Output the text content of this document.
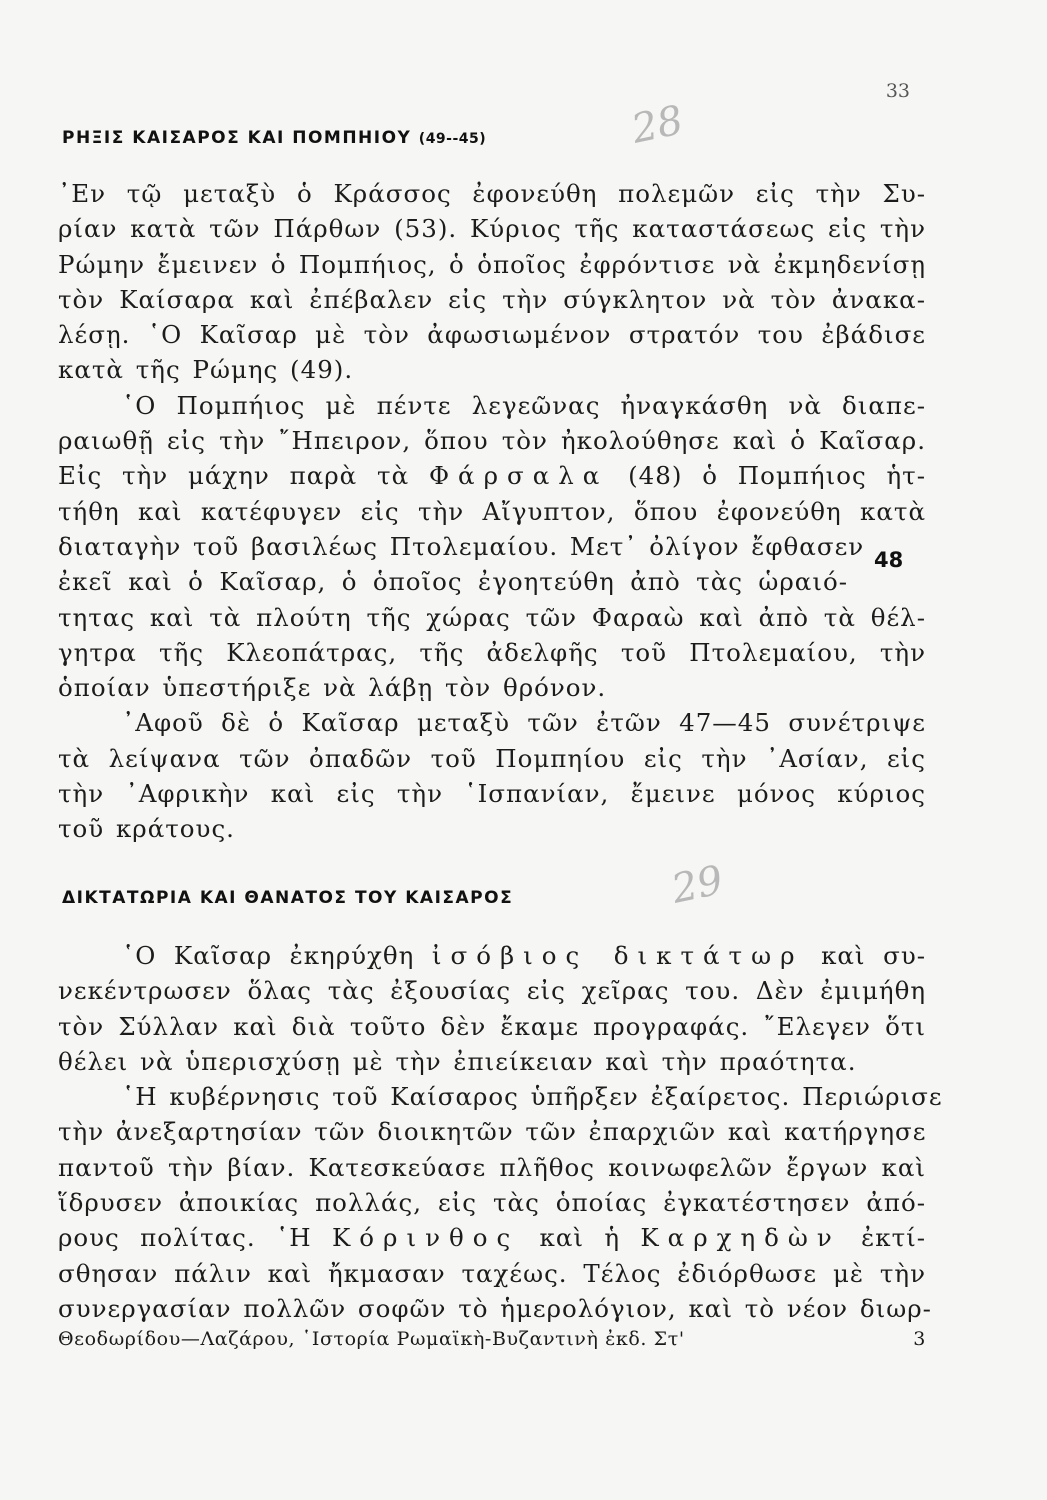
33
ΡΗΞΙΣ ΚΑΙΣΑΡΟΣ ΚΑΙ ΠΟΜΠΗΙΟΥ (49--45)	28
᾿Εν τῷ μεταξὺ ὁ Κράσσος ἐφονεύθη πολεμῶν εἰς τὴν Συ-
ρίαν κατὰ τῶν Πάρθων (53). Κύριος τῆς καταστάσεως εἰς τὴν
Ρώμην ἔμεινεν ὁ Πομπήιος, ὁ ὁποῖος ἐφρόντισε νὰ ἐκμηδενίσῃ
τὸν Καίσαρα καὶ ἐπέβαλεν εἰς τὴν σύγκλητον νὰ τὸν ἀνακα-
λέσῃ. ῾Ο Καῖσαρ μὲ τὸν ἀφωσιωμένον στρατόν του ἐβάδισε
κατὰ τῆς Ρώμης (49).
῾Ο Πομπήιος μὲ πέντε λεγεῶνας ἠναγκάσθη νὰ διαπε-
ραιωθῇ εἰς τὴν ῎Ηπειρον, ὅπου τὸν ἠκολούθησε καὶ ὁ Καῖσαρ.
Εἰς τὴν μάχην παρὰ τὰ Φάρσαλα (48) ὁ Πομπήιος ἡτ-
τήθη καὶ κατέφυγεν εἰς τὴν Αἴγυπτον, ὅπου ἐφονεύθη κατὰ
διαταγὴν τοῦ βασιλέως Πτολεμαίου. Μετ᾿ ὀλίγον ἔφθασεν
ἐκεῖ καὶ ὁ Καῖσαρ, ὁ ὁποῖος ἐγοητεύθη ἀπὸ τὰς ὡραιό-
τητας καὶ τὰ πλούτη τῆς χώρας τῶν Φαραὼ καὶ ἀπὸ τὰ θέλ-
γητρα τῆς Κλεοπάτρας, τῆς ἀδελφῆς τοῦ Πτολεμαίου, τὴν
ὁποίαν ὑπεστήριξε νὰ λάβῃ τὸν θρόνον.
᾿Αφοῦ δὲ ὁ Καῖσαρ μεταξὺ τῶν ἐτῶν 47—45 συνέτριψε
τὰ λείψανα τῶν ὀπαδῶν τοῦ Πομπηίου εἰς τὴν ᾿Ασίαν, εἰς
τὴν ᾿Αφρικὴν καὶ εἰς τὴν ῾Ισπανίαν, ἔμεινε μόνος κύριος
τοῦ κράτους.
48
ΔΙΚΤΑΤΩΡΙΑ ΚΑΙ ΘΑΝΑΤΟΣ ΤΟΥ ΚΑΙΣΑΡΟΣ	29
῾Ο Καῖσαρ ἐκηρύχθη ἰσόβιος δικτάτωρ καὶ συ-
νεκέντρωσεν ὅλας τὰς ἐξουσίας εἰς χεῖρας του. Δὲν ἐμιμήθη
τὸν Σύλλαν καὶ διὰ τοῦτο δὲν ἔκαμε προγραφάς. ῎Ελεγεν ὅτι
θέλει νὰ ὑπερισχύσῃ μὲ τὴν ἐπιείκειαν καὶ τὴν πραότητα.
῾Η κυβέρνησις τοῦ Καίσαρος ὑπῆρξεν ἐξαίρετος. Περιώρισε
τὴν ἀνεξαρτησίαν τῶν διοικητῶν τῶν ἐπαρχιῶν καὶ κατήργησε
παντοῦ τὴν βίαν. Κατεσκεύασε πλῆθος κοινωφελῶν ἔργων καὶ
ἵδρυσεν ἀποικίας πολλάς, εἰς τὰς ὁποίας ἐγκατέστησεν ἀπό-
ρους πολίτας. ῾Η Κόρινθος καὶ ἡ Καρχηδὼν ἐκτί-
σθησαν πάλιν καὶ ἤκμασαν ταχέως. Τέλος ἐδιόρθωσε μὲ τὴν
συνεργασίαν πολλῶν σοφῶν τὸ ἡμερολόγιον, καὶ τὸ νέον διωρ-
Θεοδωρίδου—Λαζάρου, ῾Ιστορία Ρωμαϊκὴ-Βυζαντινὴ ἐκδ. Στ'	3
